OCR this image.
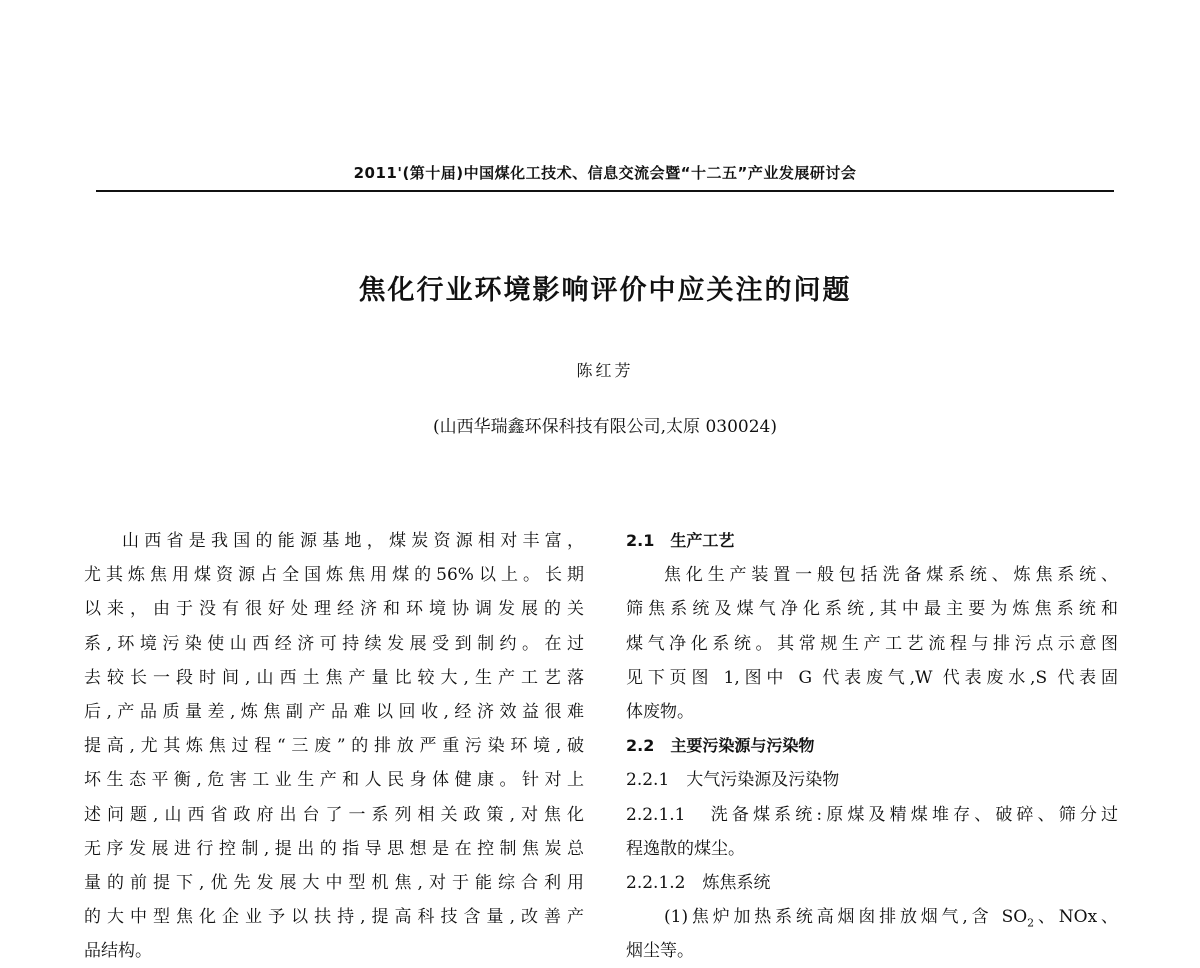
2011'(第十届)中国煤化工技术、信息交流会暨“十二五”产业发展研讨会
焦化行业环境影响评价中应关注的问题
陈红芳
(山西华瑞鑫环保科技有限公司,太原 030024)
山西省是我国的能源基地，煤炭资源相对丰富，
尤其炼焦用煤资源占全国炼焦用煤的56%以上。长期
以来，由于没有很好处理经济和环境协调发展的关
系,环境污染使山西经济可持续发展受到制约。在过
去较长一段时间,山西土焦产量比较大,生产工艺落
后,产品质量差,炼焦副产品难以回收,经济效益很难
提高,尤其炼焦过程“三废”的排放严重污染环境,破
坏生态平衡,危害工业生产和人民身体健康。针对上
述问题,山西省政府出台了一系列相关政策,对焦化
无序发展进行控制,提出的指导思想是在控制焦炭总
量的前提下,优先发展大中型机焦,对于能综合利用
的大中型焦化企业予以扶持,提高科技含量,改善产
品结构。
2.1　生产工艺
焦化生产装置一般包括洗备煤系统、炼焦系统、
筛焦系统及煤气净化系统,其中最主要为炼焦系统和
煤气净化系统。其常规生产工艺流程与排污点示意图
见下页图 1,图中 G 代表废气,W 代表废水,S 代表固
体废物。
2.2　主要污染源与污染物
2.2.1　大气污染源及污染物
2.2.1.1　洗备煤系统:原煤及精煤堆存、破碎、筛分过
程逸散的煤尘。
2.2.1.2　炼焦系统
(1)焦炉加热系统高烟囱排放烟气,含 $SO_2$、NOx、
烟尘等。
